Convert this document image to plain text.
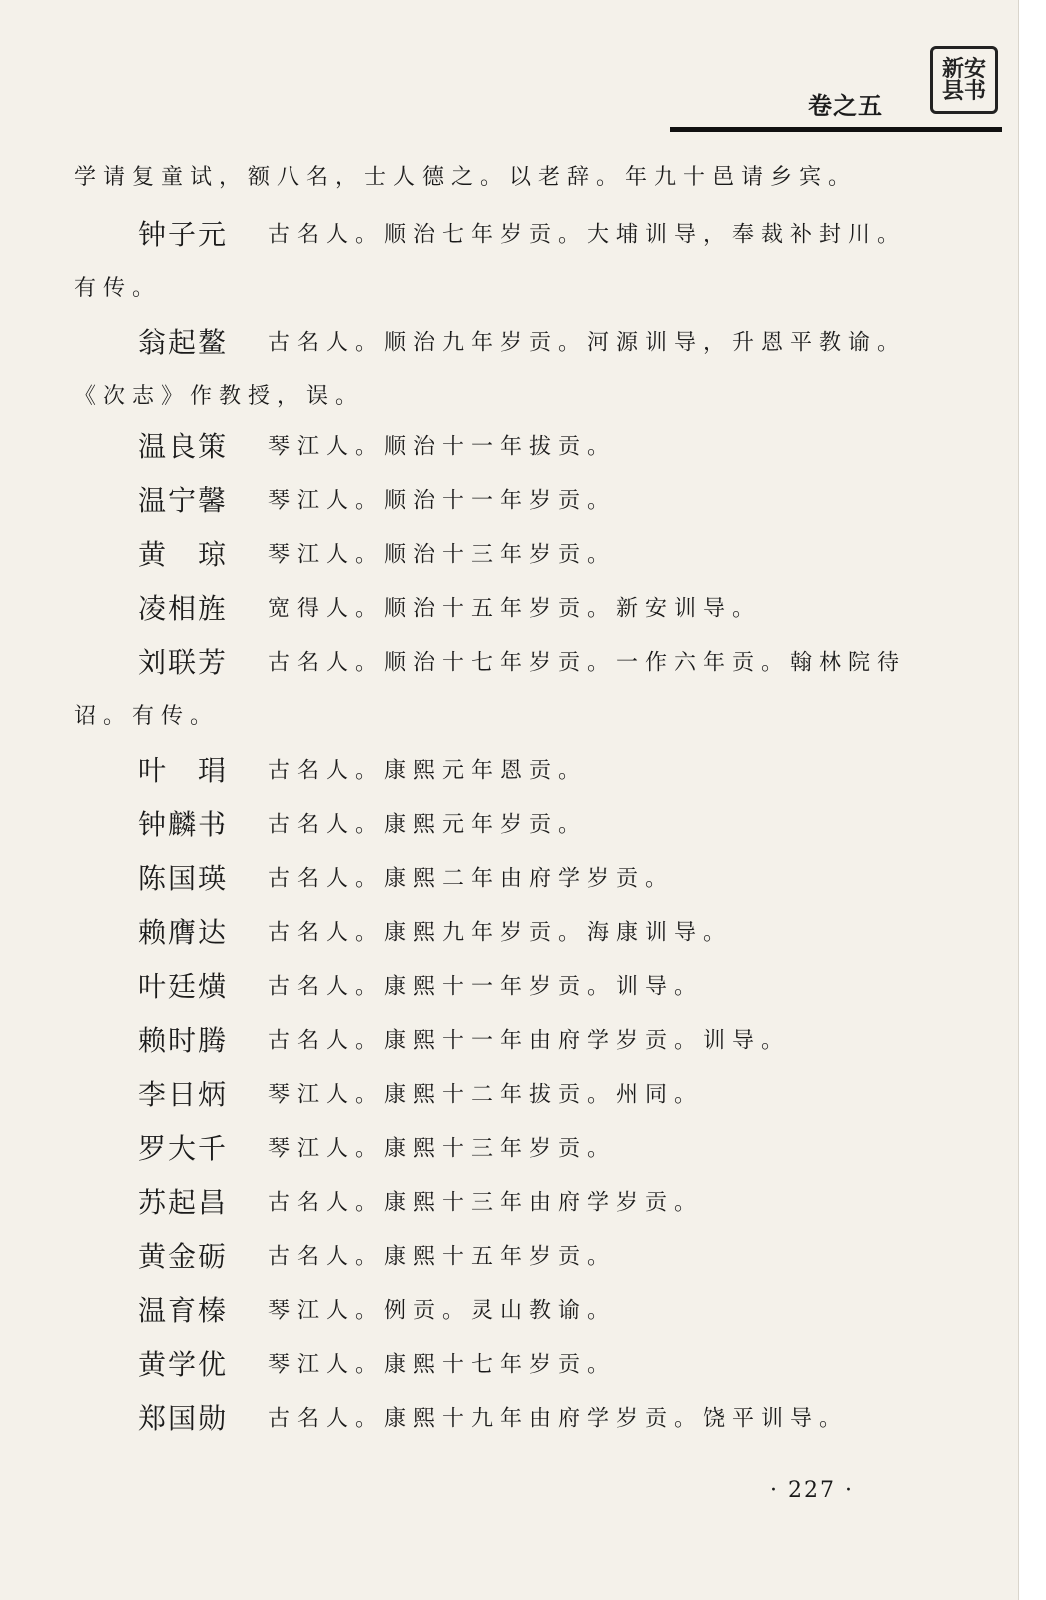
新安县书
卷之五
学请复童试，额八名，士人德之。以老辞。年九十邑请乡宾。
钟子元 古名人。顺治七年岁贡。大埔训导，奉裁补封川。
有传。
翁起鳌 古名人。顺治九年岁贡。河源训导，升恩平教谕。
《次志》作教授，误。
温良策 琴江人。顺治十一年拔贡。
温宁馨 琴江人。顺治十一年岁贡。
黄　琼 琴江人。顺治十三年岁贡。
凌相旌 宽得人。顺治十五年岁贡。新安训导。
刘联芳 古名人。顺治十七年岁贡。一作六年贡。翰林院待
诏。有传。
叶　琄 古名人。康熙元年恩贡。
钟麟书 古名人。康熙元年岁贡。
陈国瑛 古名人。康熙二年由府学岁贡。
赖膺达 古名人。康熙九年岁贡。海康训导。
叶廷熿 古名人。康熙十一年岁贡。训导。
赖时腾 古名人。康熙十一年由府学岁贡。训导。
李日炳 琴江人。康熙十二年拔贡。州同。
罗大千 琴江人。康熙十三年岁贡。
苏起昌 古名人。康熙十三年由府学岁贡。
黄金砺 古名人。康熙十五年岁贡。
温育榛 琴江人。例贡。灵山教谕。
黄学优 琴江人。康熙十七年岁贡。
郑国勋 古名人。康熙十九年由府学岁贡。饶平训导。
· 227 ·
